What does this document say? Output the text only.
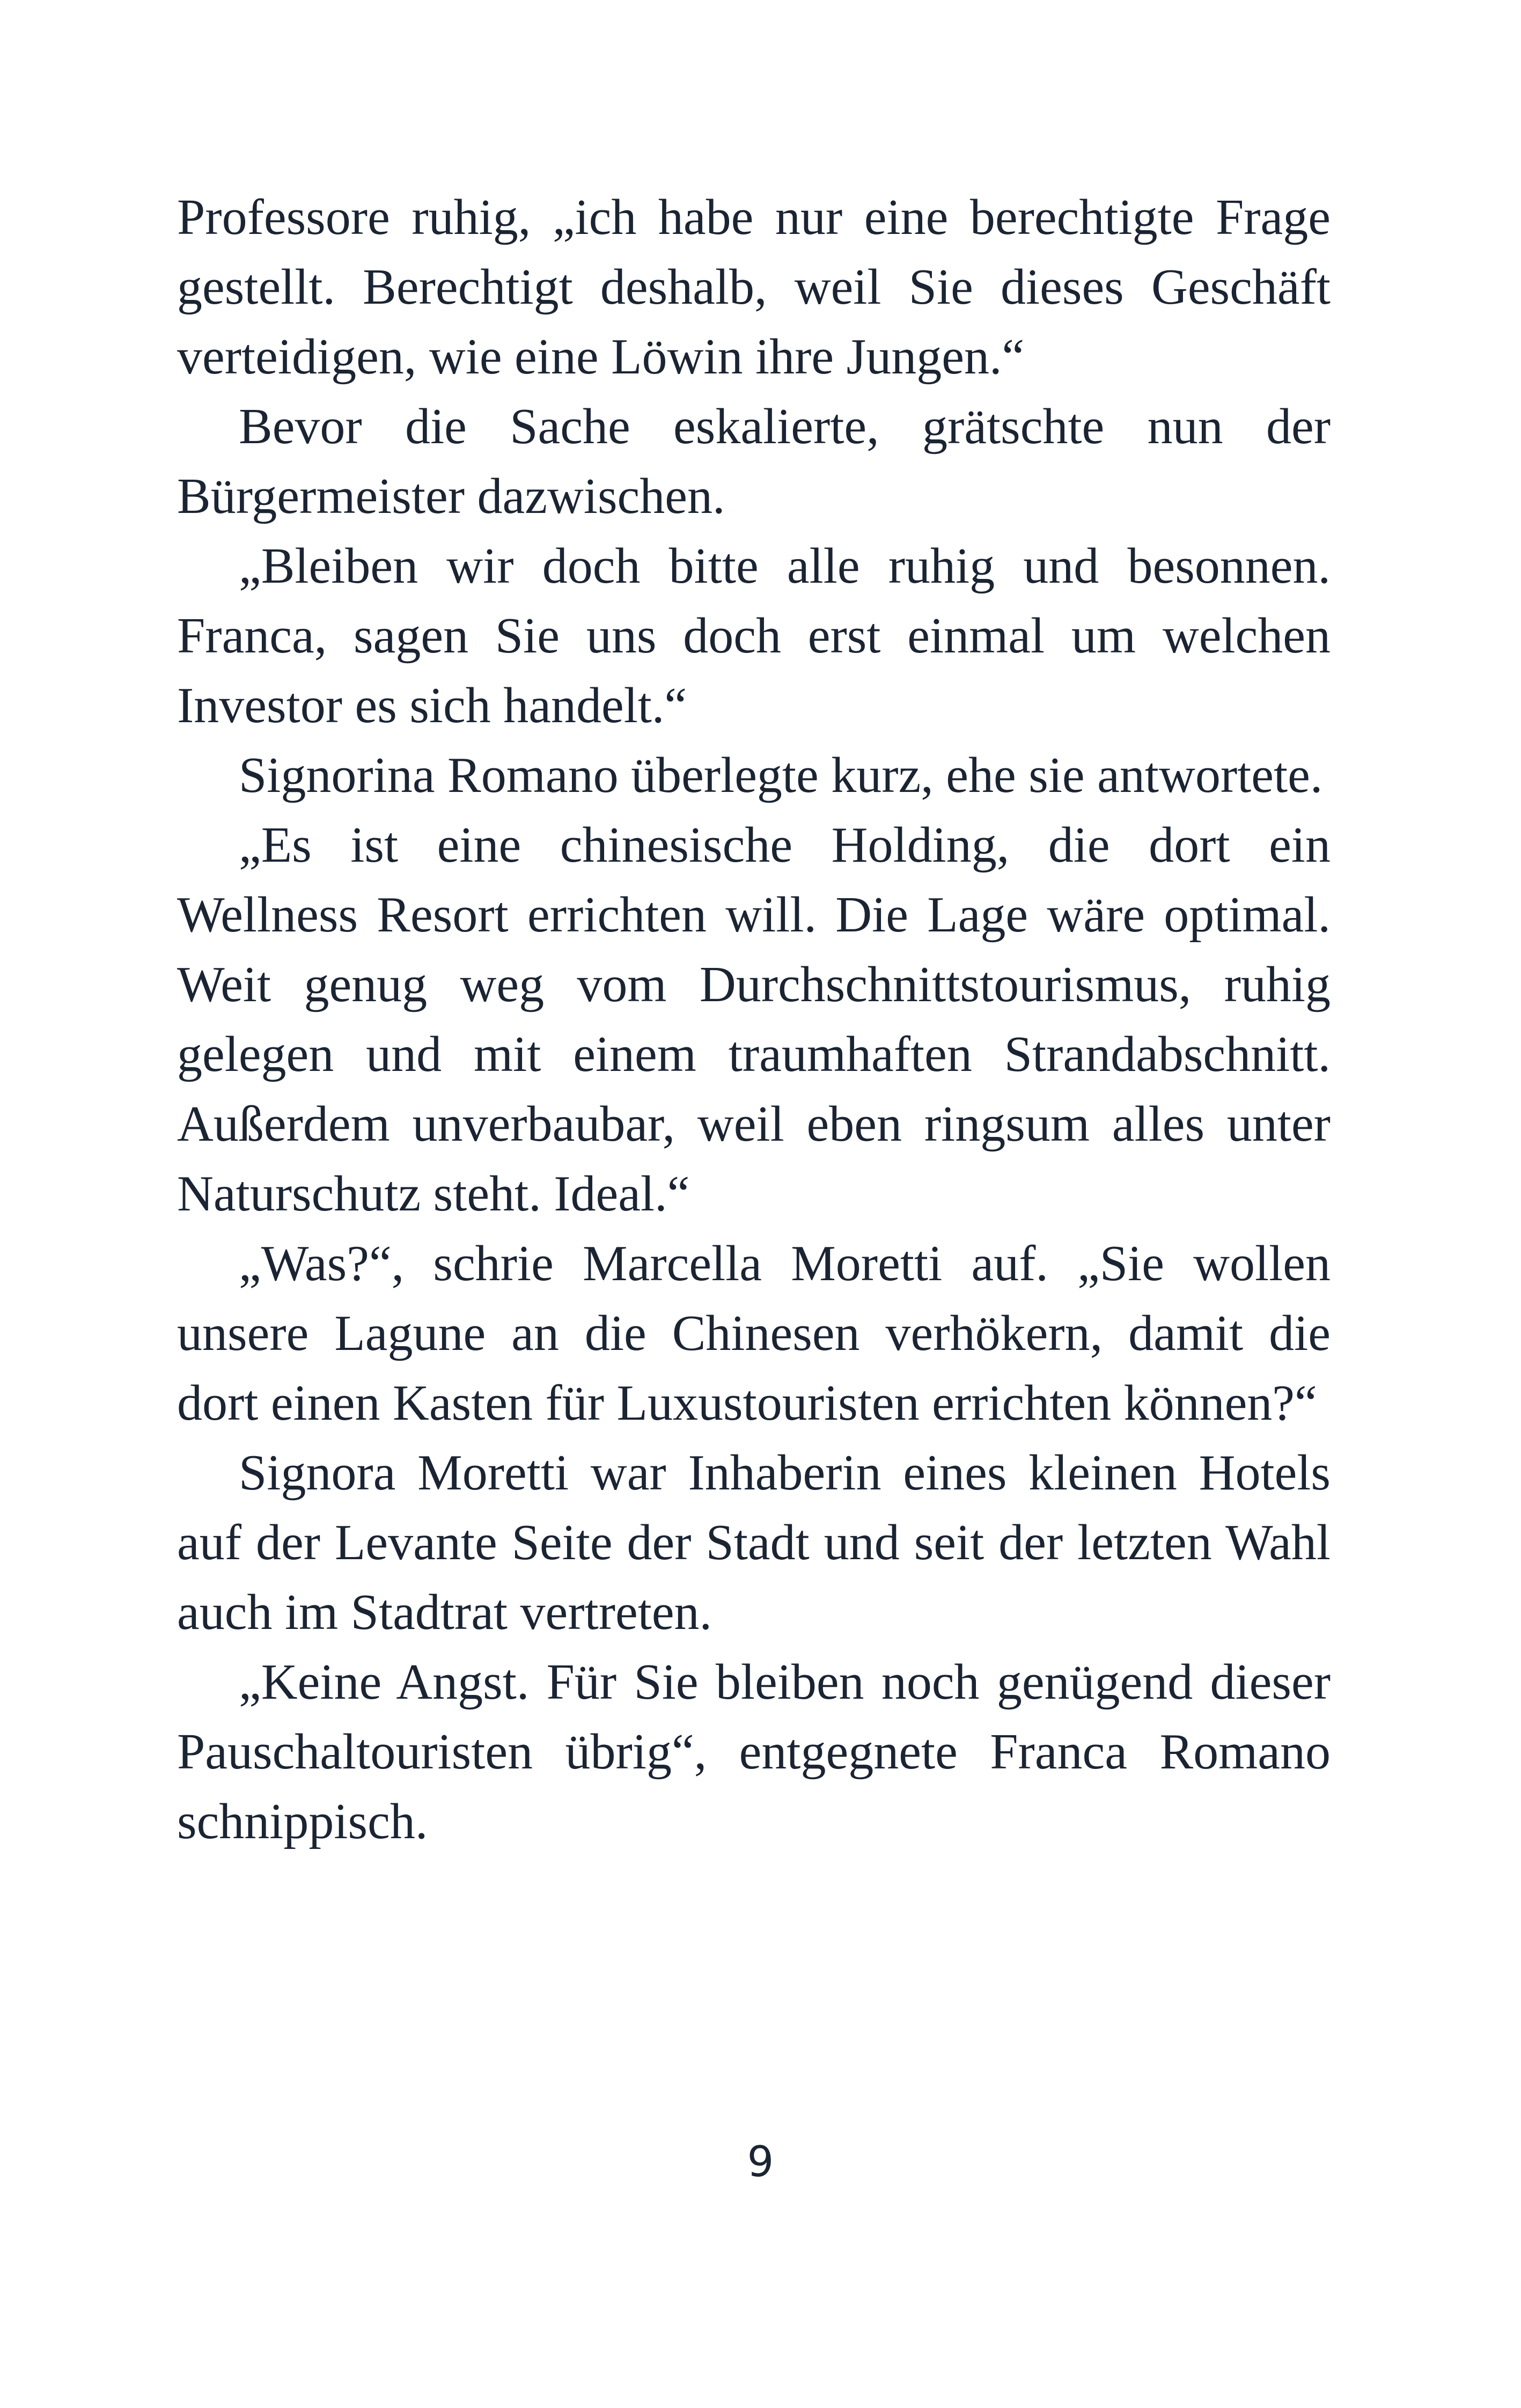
Professore ruhig, „ich habe nur eine berechtigte Frage gestellt. Berechtigt deshalb, weil Sie dieses Geschäft verteidigen, wie eine Löwin ihre Jungen.“

Bevor die Sache eskalierte, grätschte nun der Bürgermeister dazwischen.

„Bleiben wir doch bitte alle ruhig und besonnen. Franca, sagen Sie uns doch erst einmal um welchen Investor es sich handelt.“

Signorina Romano überlegte kurz, ehe sie antwortete.

„Es ist eine chinesische Holding, die dort ein Wellness Resort errichten will. Die Lage wäre optimal. Weit genug weg vom Durchschnittstourismus, ruhig gelegen und mit einem traumhaften Strandabschnitt. Außerdem unverbaubar, weil eben ringsum alles unter Naturschutz steht. Ideal.“

„Was?“, schrie Marcella Moretti auf. „Sie wollen unsere Lagune an die Chinesen verhökern, damit die dort einen Kasten für Luxustouristen errichten können?“

Signora Moretti war Inhaberin eines kleinen Hotels auf der Levante Seite der Stadt und seit der letzten Wahl auch im Stadtrat vertreten.

„Keine Angst. Für Sie bleiben noch genügend dieser Pauschaltouristen übrig“, entgegnete Franca Romano schnippisch.

9
